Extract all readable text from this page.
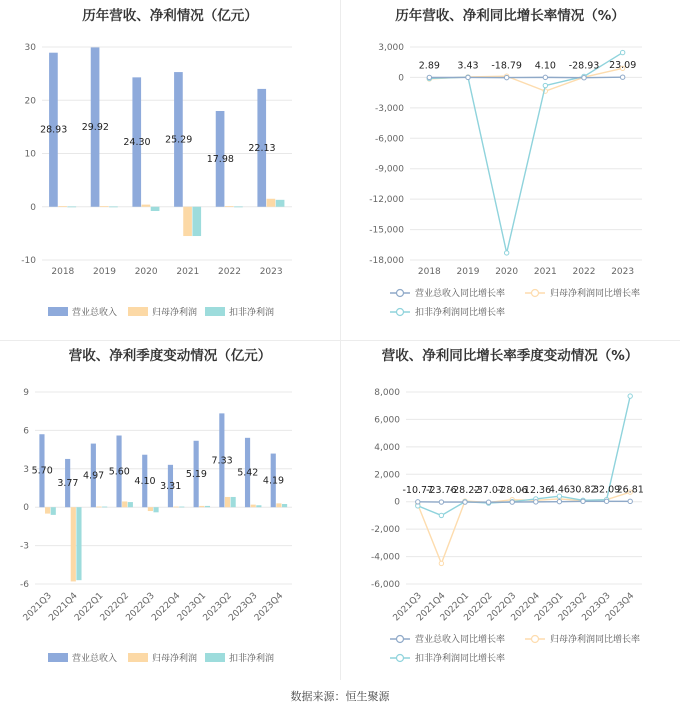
历年营收、净利情况（亿元）
-10
0
10
20
30
28.93
2018
29.92
2019
24.30
2020
25.29
2021
17.98
2022
22.13
2023
营业总收入	归母净利润	扣非净利润
历年营收、净利同比增长率情况（%）
3,000
0
-3,000
-6,000
-9,000
-12,000
-15,000
-18,000
2018 2019 2020 2021 2022 2023
2.89 3.43 -18.79 4.10 -28.93 23.09
营业总收入同比增长率	归母净利润同比增长率
扣非净利润同比增长率
营收、净利季度变动情况（亿元）
-6
-3
0
3
6
9
5.70
2021Q3
3.77
2021Q4
4.97
2022Q1
5.60
2022Q2
4.10
2022Q3
3.31
2022Q4
5.19
2023Q1
7.33
2023Q2
5.42
2023Q3
4.19
2023Q4
营业总收入	归母净利润	扣非净利润
营收、净利同比增长率季度变动情况（%）
8,000
6,000
4,000
2,000
0
-2,000
-4,000
-6,000
2021Q3
2021Q4
2022Q1
2022Q2
2022Q3
2022Q4
2023Q1
2023Q2
2023Q3
2023Q4
-10.77
-23.76
-28.22
-37.07
-28.06
-12.36
4.46 30.82
32.09
26.81
营业总收入同比增长率	归母净利润同比增长率
扣非净利润同比增长率
数据来源：恒生聚源
